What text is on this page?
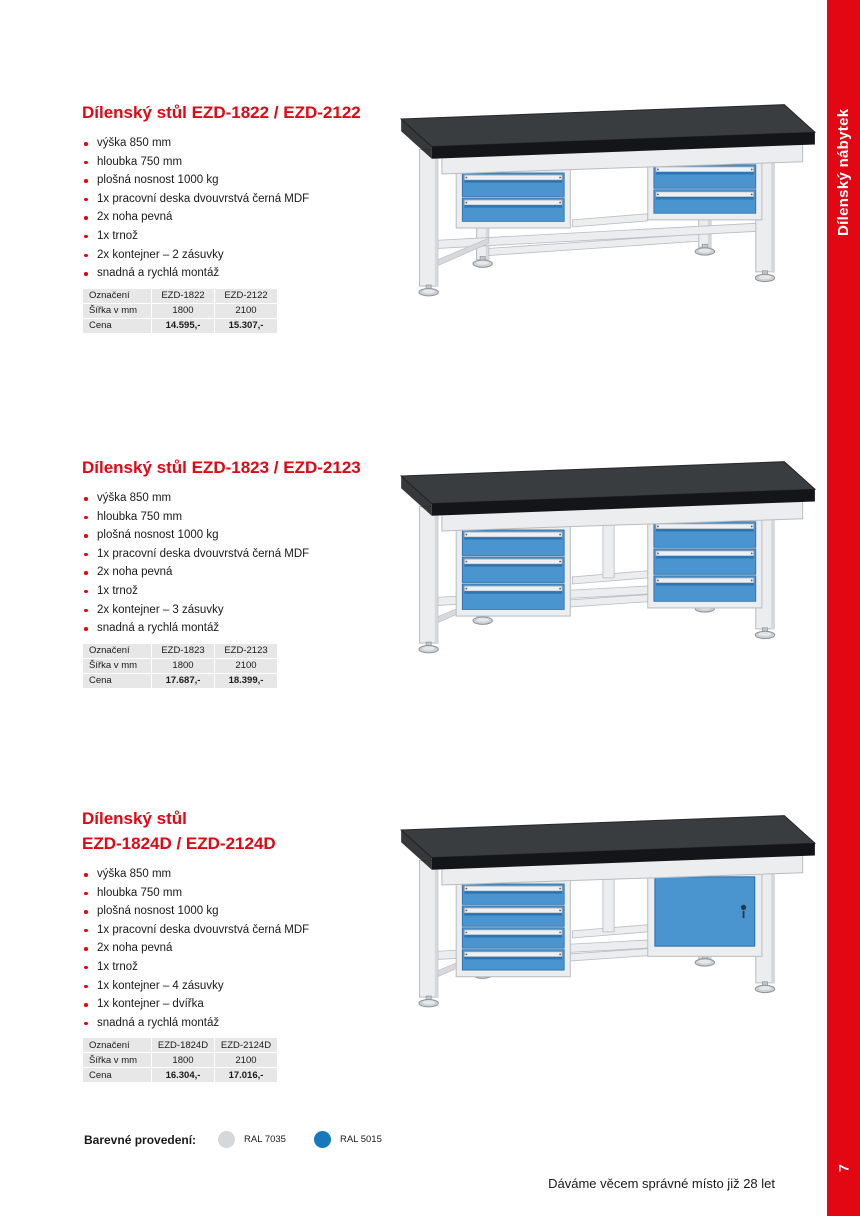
Dílenský stůl EZD-1822 / EZD-2122
výška 850 mm
hloubka 750 mm
plošná nosnost 1000 kg
1x pracovní deska dvouvrstvá černá MDF
2x noha pevná
1x trnož
2x kontejner – 2 zásuvky
snadná a rychlá montáž
Označení	EZD-1822	EZD-2122
Šířka v mm	1800	2100
Cena	14.595,-	15.307,-
Dílenský stůl EZD-1823 / EZD-2123
výška 850 mm
hloubka 750 mm
plošná nosnost 1000 kg
1x pracovní deska dvouvrstvá černá MDF
2x noha pevná
1x trnož
2x kontejner – 3 zásuvky
snadná a rychlá montáž
Označení	EZD-1823	EZD-2123
Šířka v mm	1800	2100
Cena	17.687,-	18.399,-
Dílenský stůl
EZD-1824D / EZD-2124D
výška 850 mm
hloubka 750 mm
plošná nosnost 1000 kg
1x pracovní deska dvouvrstvá černá MDF
2x noha pevná
1x trnož
1x kontejner – 4 zásuvky
1x kontejner – dvířka
snadná a rychlá montáž
Označení	EZD-1824D	EZD-2124D
Šířka v mm	1800	2100
Cena	16.304,-	17.016,-
Barevné provedení:	RAL 7035	RAL 5015
Dáváme věcem správné místo již 28 let
Dílenský nábytek
7
